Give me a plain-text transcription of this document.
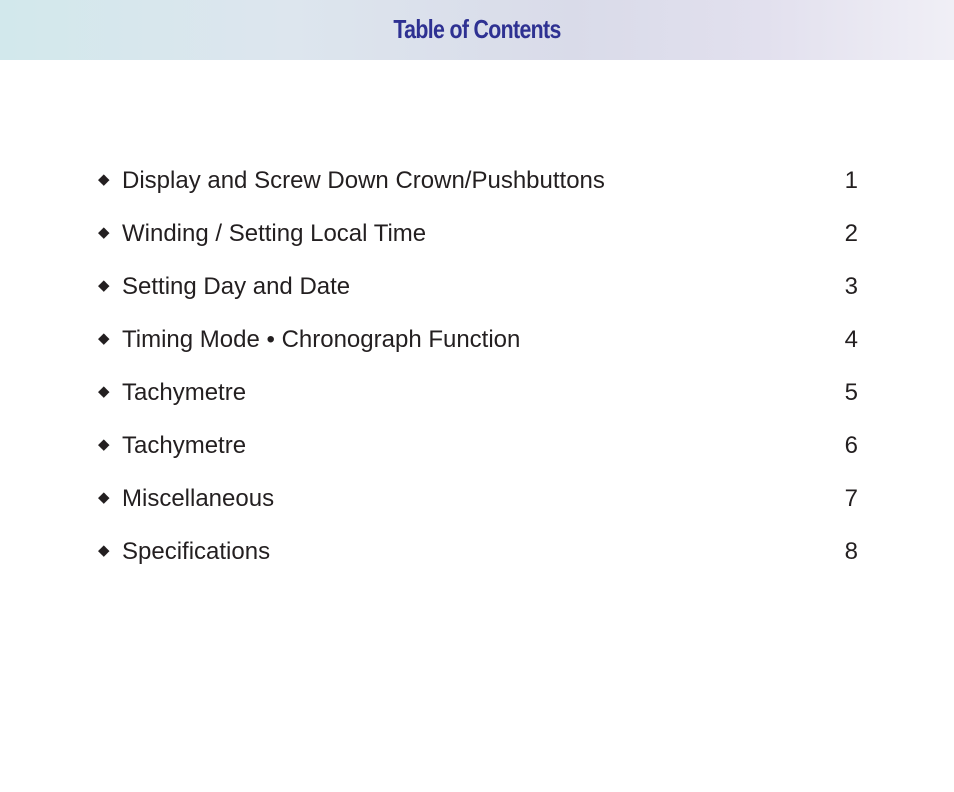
Table of Contents
◆ Display and Screw Down Crown/Pushbuttons	1
◆ Winding / Setting Local Time	2
◆ Setting Day and Date	3
◆ Timing Mode • Chronograph Function	4
◆ Tachymetre	5
◆ Tachymetre	6
◆ Miscellaneous	7
◆ Specifications	8
